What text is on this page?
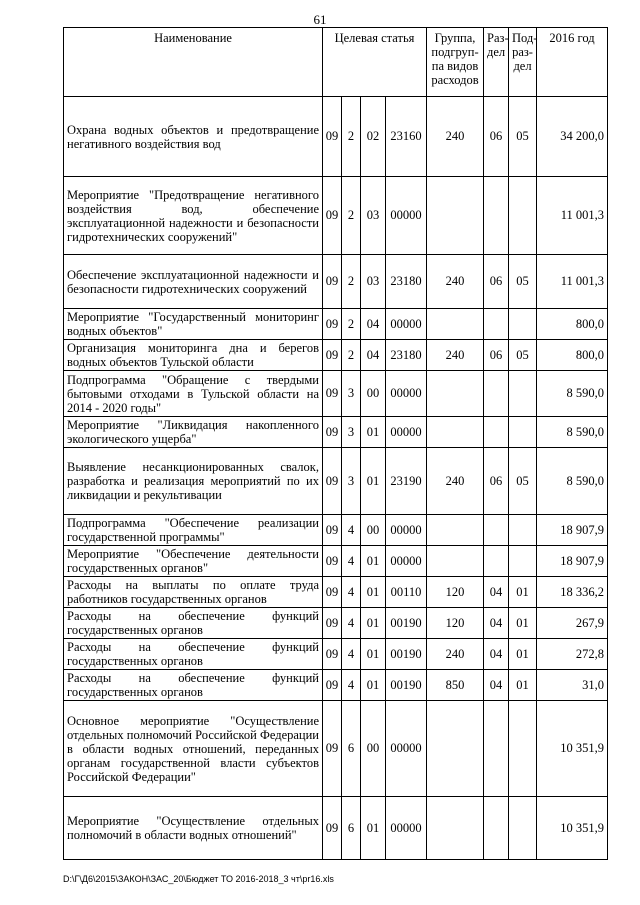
61
Наименование	Целевая статья				Группа, подгруп-па видов расходов	Раз-дел	Под-раз-дел	2016 год
Охрана водных объектов и предотвращение негативного воздействия вод	09	2	02	23160	240	06	05	34 200,0
Мероприятие "Предотвращение негативного воздействия вод, обеспечение эксплуатационной надежности и безопасности гидротехнических сооружений"	09	2	03	00000				11 001,3
Обеспечение эксплуатационной надежности и безопасности гидротехнических сооружений	09	2	03	23180	240	06	05	11 001,3
Мероприятие "Государственный мониторинг водных объектов"	09	2	04	00000				800,0
Организация мониторинга дна и берегов водных объектов Тульской области	09	2	04	23180	240	06	05	800,0
Подпрограмма "Обращение с твердыми бытовыми отходами в Тульской области на 2014 - 2020 годы"	09	3	00	00000				8 590,0
Мероприятие "Ликвидация накопленного экологического ущерба"	09	3	01	00000				8 590,0
Выявление несанкционированных свалок, разработка и реализация мероприятий по их ликвидации и рекультивации	09	3	01	23190	240	06	05	8 590,0
Подпрограмма "Обеспечение реализации государственной программы"	09	4	00	00000				18 907,9
Мероприятие "Обеспечение деятельности государственных органов"	09	4	01	00000				18 907,9
Расходы на выплаты по оплате труда работников государственных органов	09	4	01	00110	120	04	01	18 336,2
Расходы на обеспечение функций государственных органов	09	4	01	00190	120	04	01	267,9
Расходы на обеспечение функций государственных органов	09	4	01	00190	240	04	01	272,8
Расходы на обеспечение функций государственных органов	09	4	01	00190	850	04	01	31,0
Основное мероприятие "Осуществление отдельных полномочий Российской Федерации в области водных отношений, переданных органам государственной власти субъектов Российской Федерации"	09	6	00	00000				10 351,9
Мероприятие "Осуществление отдельных полномочий в области водных отношений"	09	6	01	00000				10 351,9
D:\Г\Д6\2015\ЗАКОН\ЗАС_20\Бюджет ТО 2016-2018_3 чт\pr16.xls
